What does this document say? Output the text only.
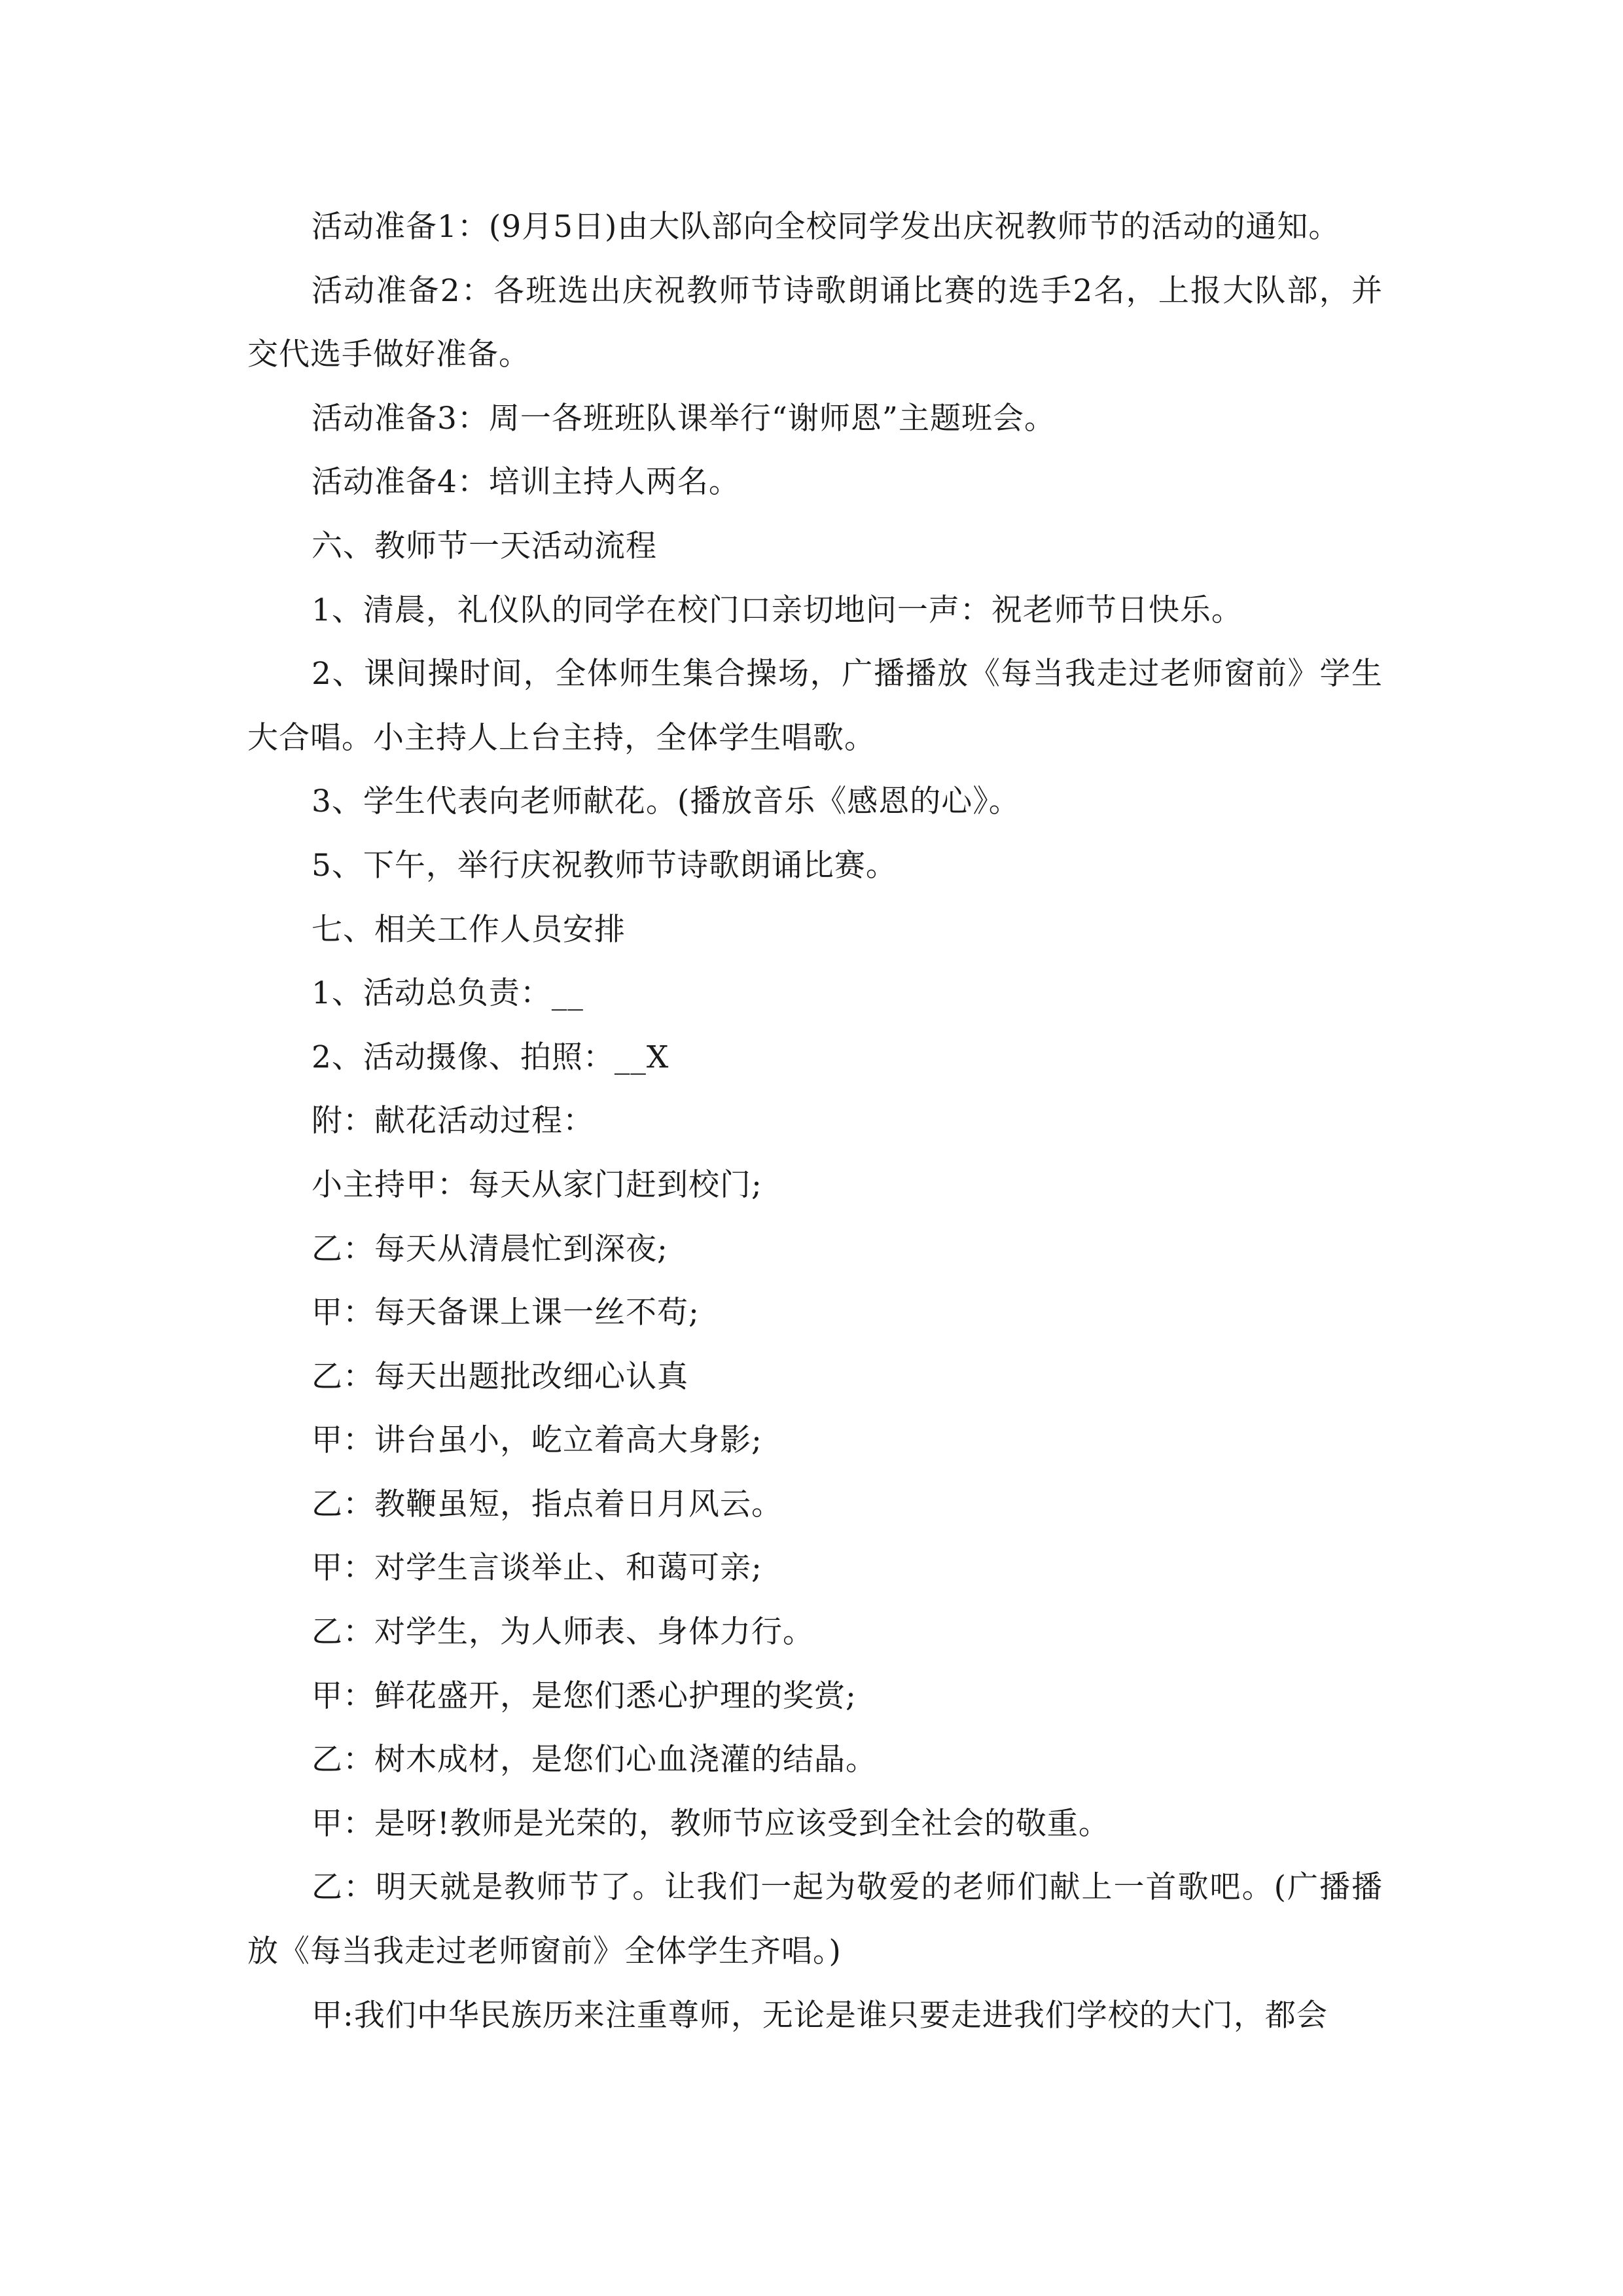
活动准备1：(9月5日)由大队部向全校同学发出庆祝教师节的活动的通知。

活动准备2：各班选出庆祝教师节诗歌朗诵比赛的选手2名，上报大队部，并交代选手做好准备。

活动准备3：周一各班班队课举行“谢师恩”主题班会。

活动准备4：培训主持人两名。

六、教师节一天活动流程

1、清晨，礼仪队的同学在校门口亲切地问一声：祝老师节日快乐。

2、课间操时间，全体师生集合操场，广播播放《每当我走过老师窗前》学生大合唱。小主持人上台主持，全体学生唱歌。

3、学生代表向老师献花。(播放音乐《感恩的心》。

5、下午，举行庆祝教师节诗歌朗诵比赛。

七、相关工作人员安排

1、活动总负责：__

2、活动摄像、拍照：__X

附：献花活动过程：

小主持甲：每天从家门赶到校门;

乙：每天从清晨忙到深夜;

甲：每天备课上课一丝不苟;

乙：每天出题批改细心认真

甲：讲台虽小，屹立着高大身影;

乙：教鞭虽短，指点着日月风云。

甲：对学生言谈举止、和蔼可亲;

乙：对学生，为人师表、身体力行。

甲：鲜花盛开，是您们悉心护理的奖赏;

乙：树木成材，是您们心血浇灌的结晶。

甲：是呀!教师是光荣的，教师节应该受到全社会的敬重。

乙：明天就是教师节了。让我们一起为敬爱的老师们献上一首歌吧。(广播播放《每当我走过老师窗前》全体学生齐唱。)

甲:我们中华民族历来注重尊师，无论是谁只要走进我们学校的大门，都会
